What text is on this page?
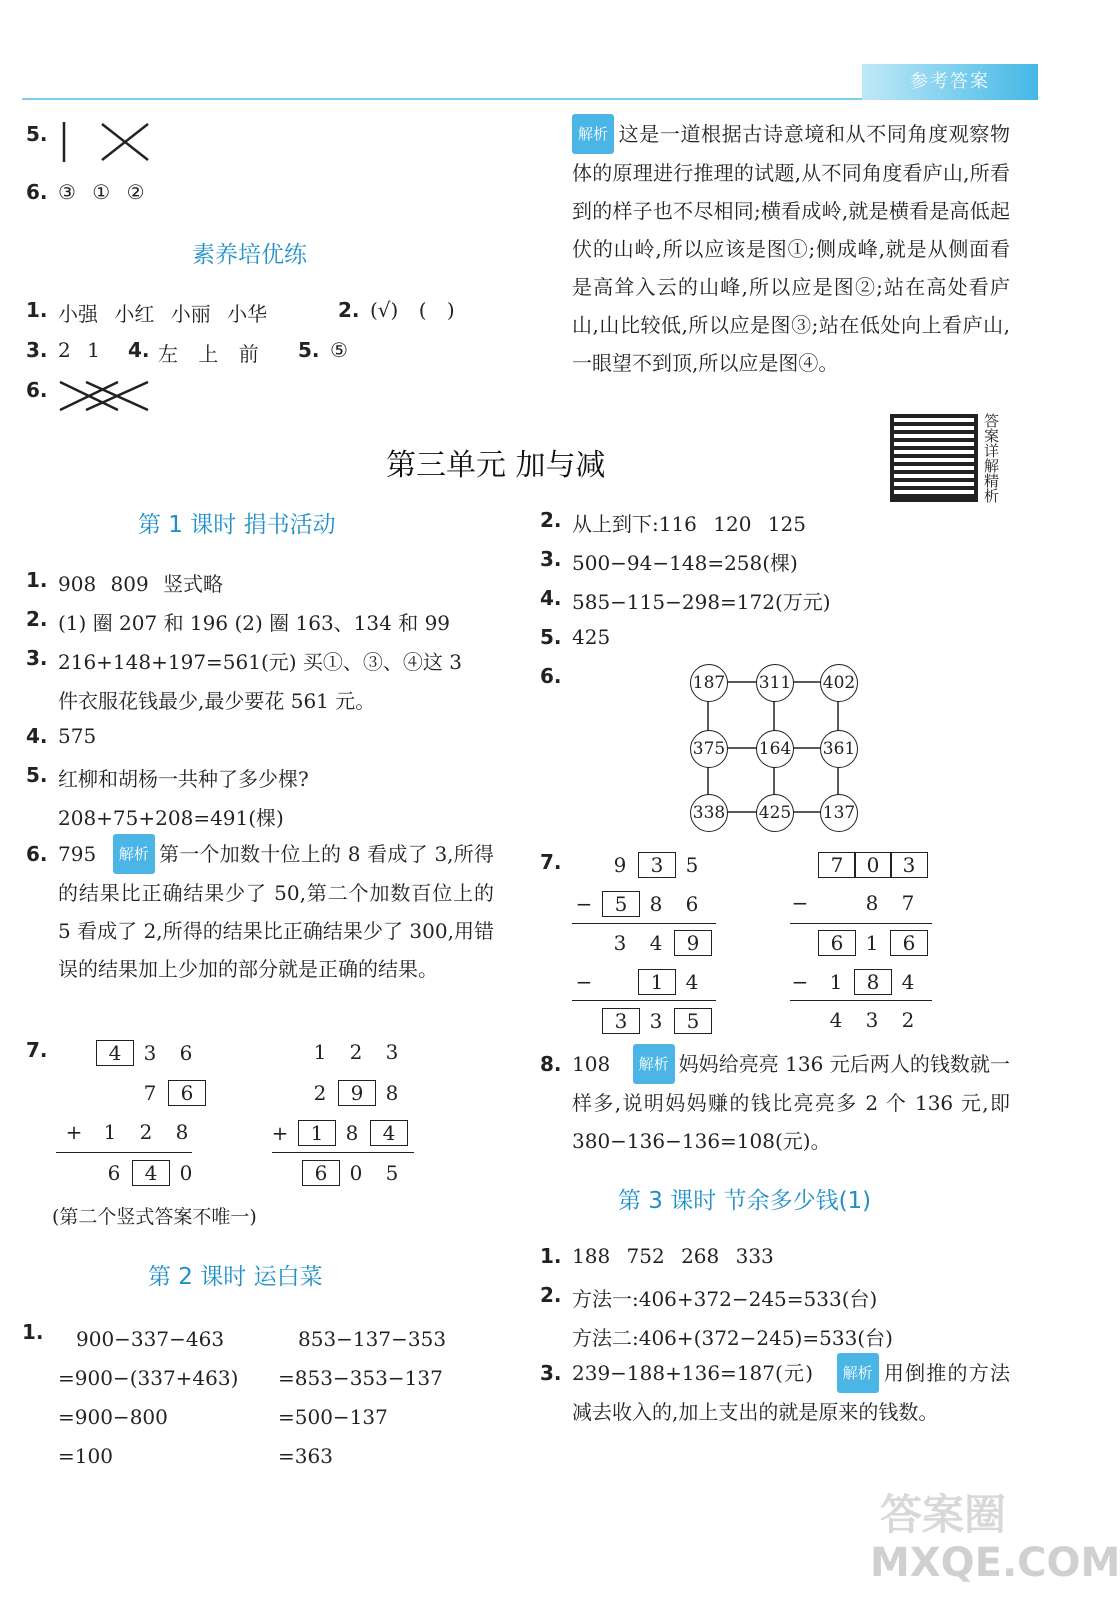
参考答案
5.
6. ③ ① ②
素养培优练
1. 小强 小红 小丽 小华	2. (√) ( )
3. 2 1 4. 左 上 前 5. ⑤
6.
解析 这是一道根据古诗意境和从不同角度观察物体的原理进行推理的试题,从不同角度看庐山,所看到的样子也不尽相同;横看成岭,就是横看是高低起伏的山岭,所以应该是图①;侧成峰,就是从侧面看是高耸入云的山峰,所以应是图②;站在高处看庐山,山比较低,所以应是图③;站在低处向上看庐山,一眼望不到顶,所以应是图④。
答案详解精析
第三单元 加与减
第 1 课时 捐书活动
1. 908 809 竖式略
2. (1) 圈 207 和 196 (2) 圈 163、134 和 99
3. 216+148+197=561(元) 买①、③、④这 3
件衣服花钱最少,最少要花 561 元。
4. 575
5. 红柳和胡杨一共种了多少棵?
208+75+208=491(棵)
6. 795 解析 第一个加数十位上的 8 看成了 3,所得的结果比正确结果少了 50,第二个加数百位上的 5 看成了 2,所得的结果比正确结果少了 300,用错误的结果加上少加的部分就是正确的结果。
7.	4 3 6
7 6
+ 1 2 8
6 4 0
1 2 3
2 9 8
+ 1 8 4
6 0 5
(第二个竖式答案不唯一)
第 2 课时 运白菜
1.	900−337−463
=900−(337+463)
=900−800
=100
853−137−353
=853−353−137
=500−137
=363
2. 从上到下:116 120 125
3. 500−94−148=258(棵)
4. 585−115−298=172(万元)
5. 425
6.	187 311 402
375 164 361
338 425 137
7.	9 3 5
− 5 8 6
3 4 9
−	1 4
3 3 5
7 0 3
−	8 7
6 1 6
− 1 8 4
4 3 2
8. 108 解析 妈妈给亮亮 136 元后两人的钱数就一样多,说明妈妈赚的钱比亮亮多 2 个 136 元,即 380−136−136=108(元)。
第 3 课时 节余多少钱(1)
1. 188 752 268 333
2. 方法一:406+372−245=533(台)
方法二:406+(372−245)=533(台)
3. 239−188+136=187(元) 解析 用倒推的方法减去收入的,加上支出的就是原来的钱数。
答案圈
MXQE.COM
